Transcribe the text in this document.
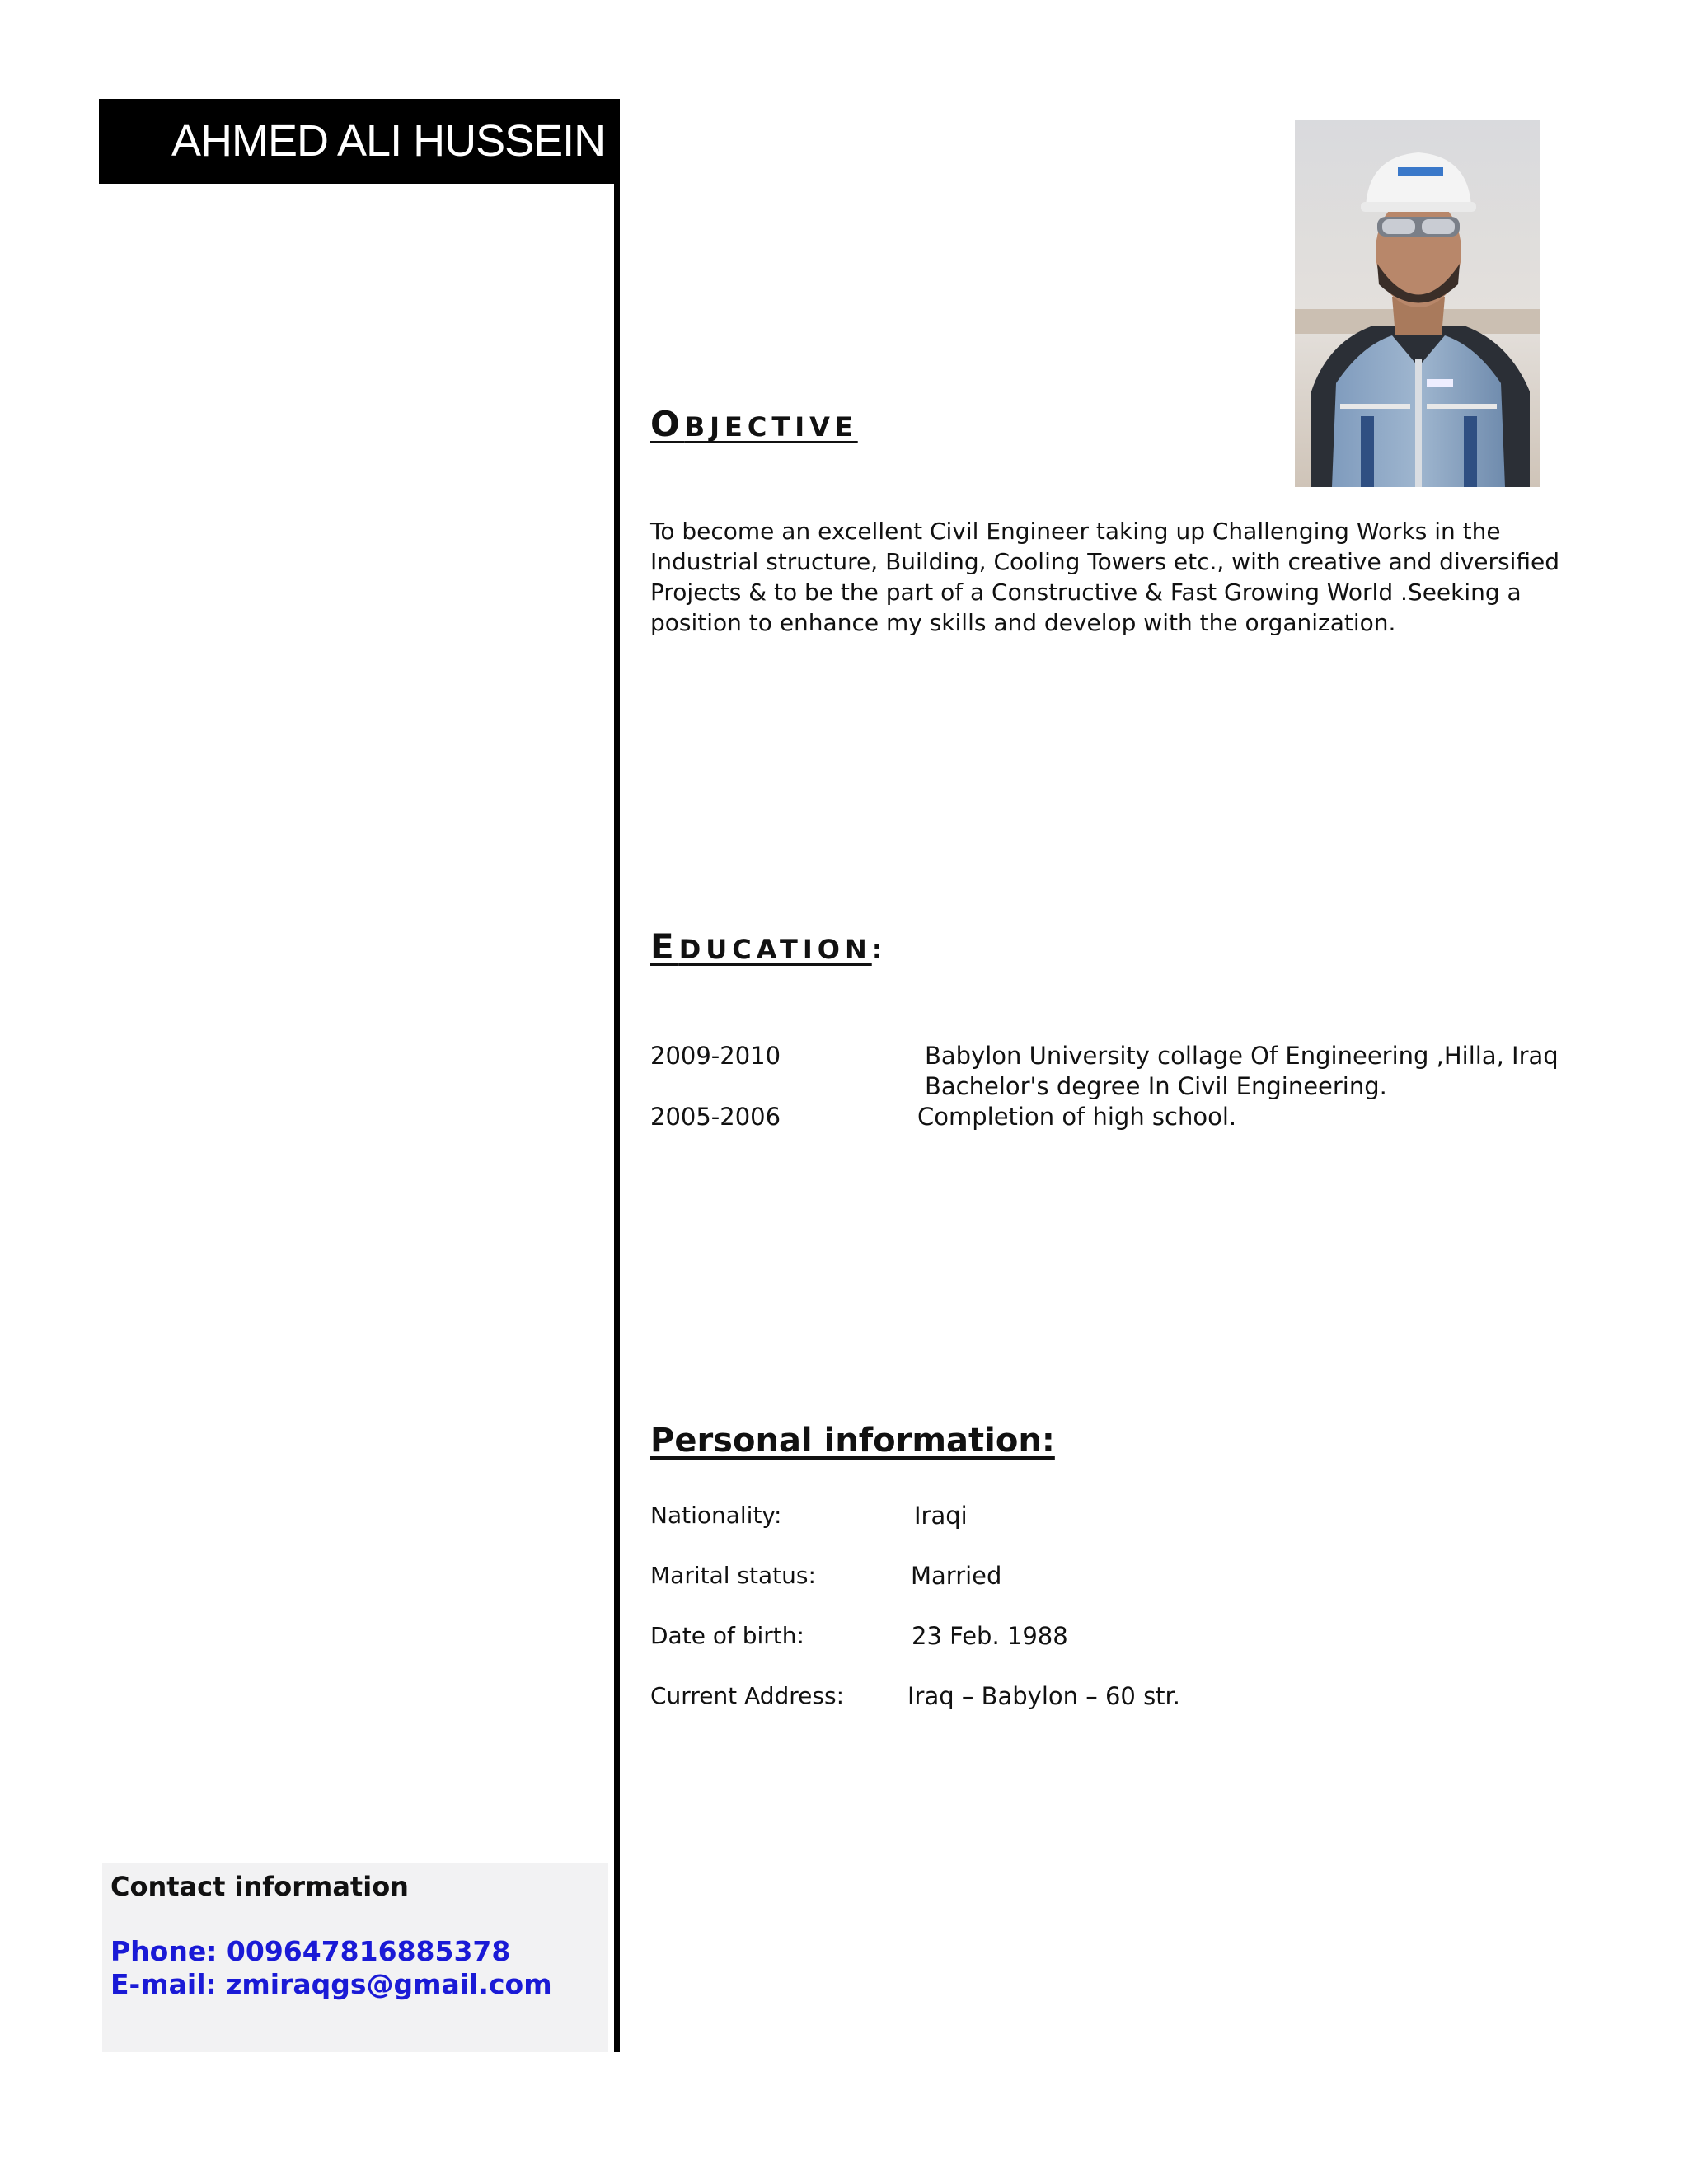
AHMED ALI HUSSEIN
Contact information
Phone: 009647816885378
E-mail: zmiraqgs@gmail.com
OBJECTIVE
To become an excellent Civil Engineer taking up Challenging Works in the Industrial structure, Building, Cooling Towers etc., with creative and diversified Projects & to be the part of a Constructive & Fast Growing World .Seeking a position to enhance my skills and develop with the organization.
EDUCATION:
2009-2010	Babylon University collage Of Engineering ,Hilla, Iraq
Bachelor's degree In Civil Engineering.
2005-2006	Completion of high school.
Personal information:
Nationality:	Iraqi
Marital status:	Married
Date of birth:	23 Feb. 1988
Current Address:	Iraq – Babylon – 60 str.
